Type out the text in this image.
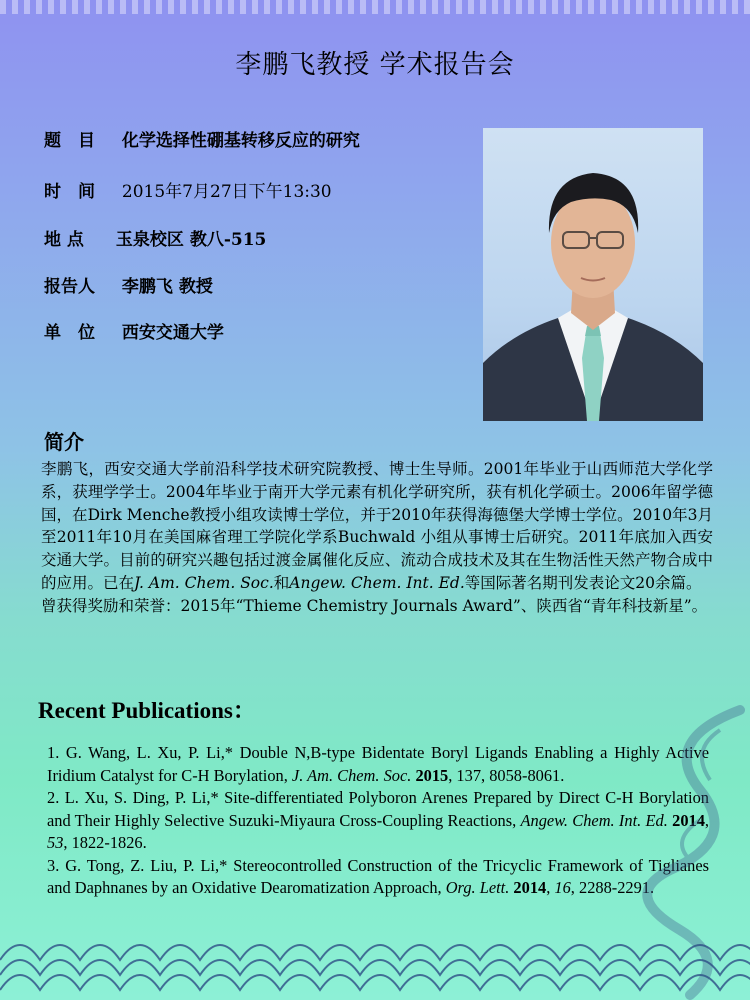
李鹏飞教授 学术报告会
题　目 化学选择性硼基转移反应的研究
时　间 2015年7月27日下午13:30
地 点 玉泉校区 教八-515
报告人 李鹏飞 教授
单　位 西安交通大学
简介
李鹏飞，西安交通大学前沿科学技术研究院教授、博士生导师。2001年毕业于山西师范大学化学系，获理学学士。2004年毕业于南开大学元素有机化学研究所，获有机化学硕士。2006年留学德国，在Dirk Menche教授小组攻读博士学位，并于2010年获得海德堡大学博士学位。2010年3月至2011年10月在美国麻省理工学院化学系Buchwald 小组从事博士后研究。2011年底加入西安交通大学。目前的研究兴趣包括过渡金属催化反应、流动合成技术及其在生物活性天然产物合成中的应用。已在J. Am. Chem. Soc.和Angew. Chem. Int. Ed.等国际著名期刊发表论文20余篇。
曾获得奖励和荣誉：2015年“Thieme Chemistry Journals Award”、陕西省“青年科技新星”。
Recent Publications：

1. G. Wang, L. Xu, P. Li,* Double N,B-type Bidentate Boryl Ligands Enabling a Highly Active Iridium Catalyst for C-H Borylation, J. Am. Chem. Soc. 2015, 137, 8058-8061.

2. L. Xu, S. Ding, P. Li,* Site-differentiated Polyboron Arenes Prepared by Direct C-H Borylation and Their Highly Selective Suzuki-Miyaura Cross-Coupling Reactions, Angew. Chem. Int. Ed. 2014, 53, 1822-1826.

3. G. Tong, Z. Liu, P. Li,* Stereocontrolled Construction of the Tricyclic Framework of Tiglianes and Daphnanes by an Oxidative Dearomatization Approach, Org. Lett. 2014, 16, 2288-2291.
